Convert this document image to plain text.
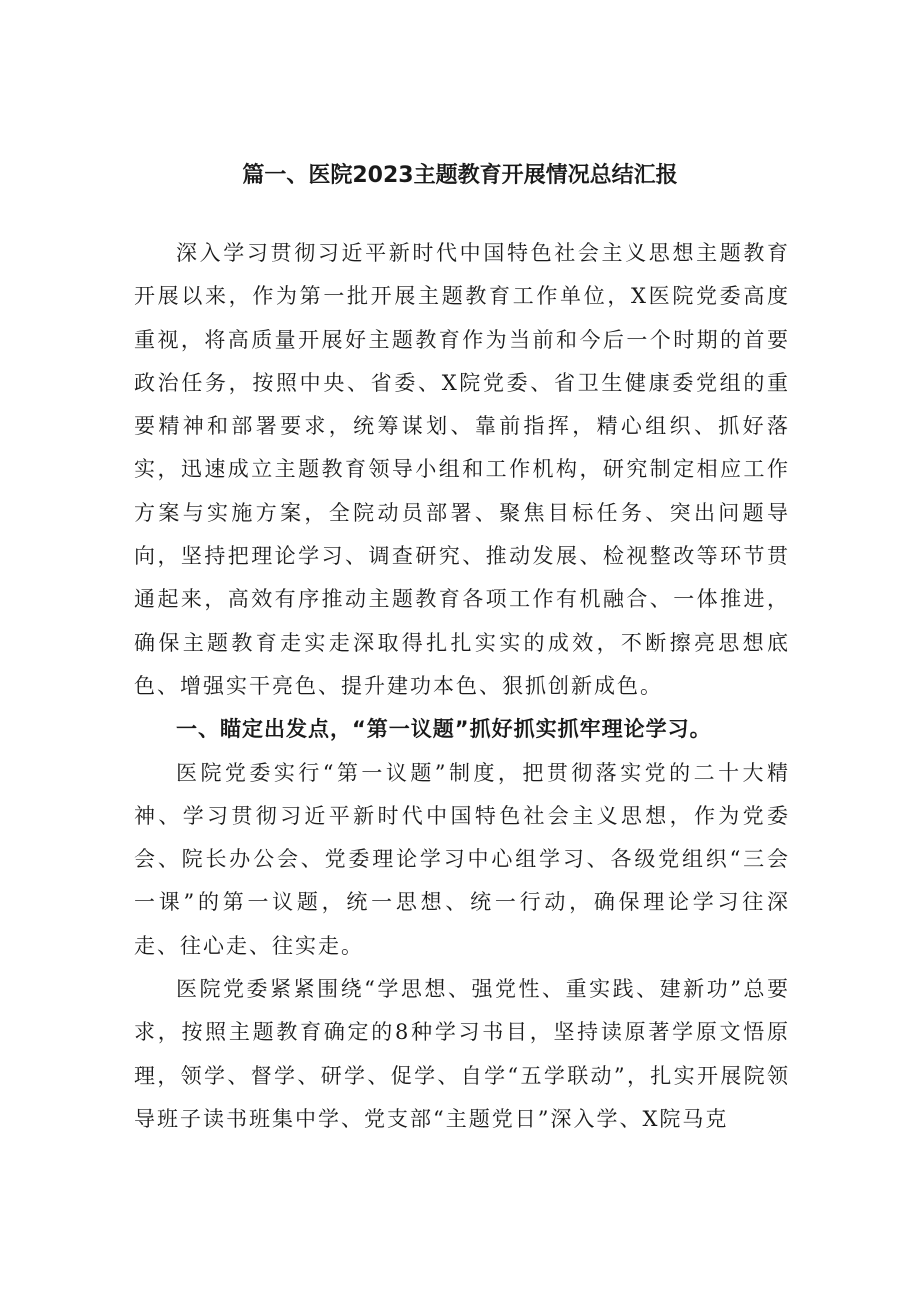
篇一、医院2023主题教育开展情况总结汇报

深入学习贯彻习近平新时代中国特色社会主义思想主题教育开展以来，作为第一批开展主题教育工作单位，X医院党委高度重视，将高质量开展好主题教育作为当前和今后一个时期的首要政治任务，按照中央、省委、X院党委、省卫生健康委党组的重要精神和部署要求，统筹谋划、靠前指挥，精心组织、抓好落实，迅速成立主题教育领导小组和工作机构，研究制定相应工作方案与实施方案，全院动员部署、聚焦目标任务、突出问题导向，坚持把理论学习、调查研究、推动发展、检视整改等环节贯通起来，高效有序推动主题教育各项工作有机融合、一体推进，确保主题教育走实走深取得扎扎实实的成效，不断擦亮思想底色、增强实干亮色、提升建功本色、狠抓创新成色。

一、瞄定出发点，“第一议题”抓好抓实抓牢理论学习。

医院党委实行“第一议题”制度，把贯彻落实党的二十大精神、学习贯彻习近平新时代中国特色社会主义思想，作为党委会、院长办公会、党委理论学习中心组学习、各级党组织“三会一课”的第一议题，统一思想、统一行动，确保理论学习往深走、往心走、往实走。

医院党委紧紧围绕“学思想、强党性、重实践、建新功”总要求，按照主题教育确定的8种学习书目，坚持读原著学原文悟原理，领学、督学、研学、促学、自学“五学联动”，扎实开展院领导班子读书班集中学、党支部“主题党日”深入学、X院马克
